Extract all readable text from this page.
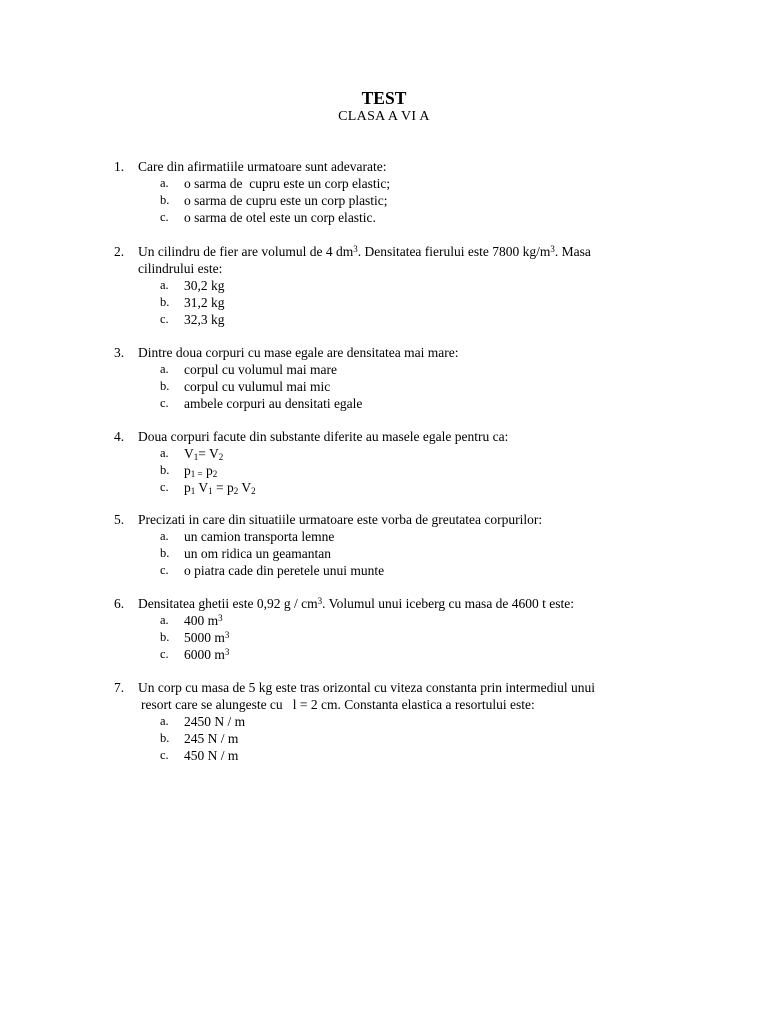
TEST
CLASA A VI A
1. Care din afirmatiile urmatoare sunt adevarate:
a. o sarma de  cupru este un corp elastic;
b. o sarma de cupru este un corp plastic;
c. o sarma de otel este un corp elastic.
2. Un cilindru de fier are volumul de 4 $dm^3$. Densitatea fierului este 7800 $kg/m^3$. Masa
cilindrului este:
a. 30,2 kg
b. 31,2 kg
c. 32,3 kg
3. Dintre doua corpuri cu mase egale are densitatea mai mare:
a. corpul cu volumul mai mare
b. corpul cu vulumul mai mic
c. ambele corpuri au densitati egale
4. Doua corpuri facute din substante diferite au masele egale pentru ca:
a. $V_1= V_2$
b. $p_{1 =}$ $p_2$
c. $p_1$ $V_1 = p_2$ $V_2$
5. Precizati in care din situatiile urmatoare este vorba de greutatea corpurilor:
a. un camion transporta lemne
b. un om ridica un geamantan
c. o piatra cade din peretele unui munte
6. Densitatea ghetii este 0,92 g / $cm^3$. Volumul unui iceberg cu masa de 4600 t este:
a. 400 $m^3$
b. 5000 $m^3$
c. 6000 $m^3$
7. Un corp cu masa de 5 kg este tras orizontal cu viteza constanta prin intermediul unui
resort care se alungeste cu   l = 2 cm. Constanta elastica a resortului este:
a. 2450 N / m
b. 245 N / m
c. 450 N / m
